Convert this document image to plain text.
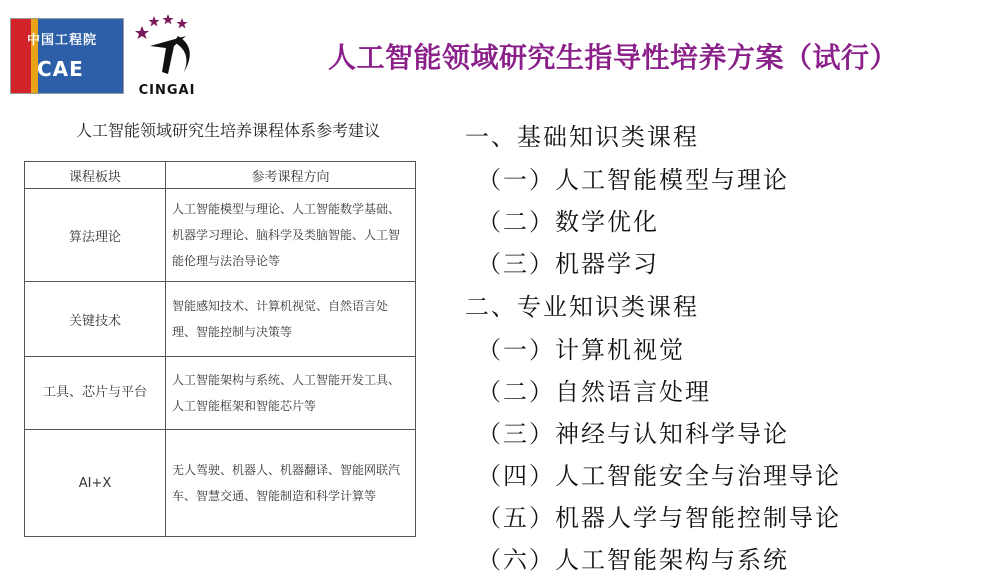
中国工程院
CAE
CINGAI
人工智能领域研究生指导性培养方案（试行）
人工智能领域研究生培养课程体系参考建议
课程板块	参考课程方向
算法理论	人工智能模型与理论、人工智能数学基础、机器学习理论、脑科学及类脑智能、人工智能伦理与法治导论等
关键技术	智能感知技术、计算机视觉、自然语言处理、智能控制与决策等
工具、芯片与平台	人工智能架构与系统、人工智能开发工具、人工智能框架和智能芯片等
AI+X	无人驾驶、机器人、机器翻译、智能网联汽车、智慧交通、智能制造和科学计算等
一、基础知识类课程
（一）人工智能模型与理论
（二）数学优化
（三）机器学习
二、专业知识类课程
（一）计算机视觉
（二）自然语言处理
（三）神经与认知科学导论
（四）人工智能安全与治理导论
（五）机器人学与智能控制导论
（六）人工智能架构与系统
